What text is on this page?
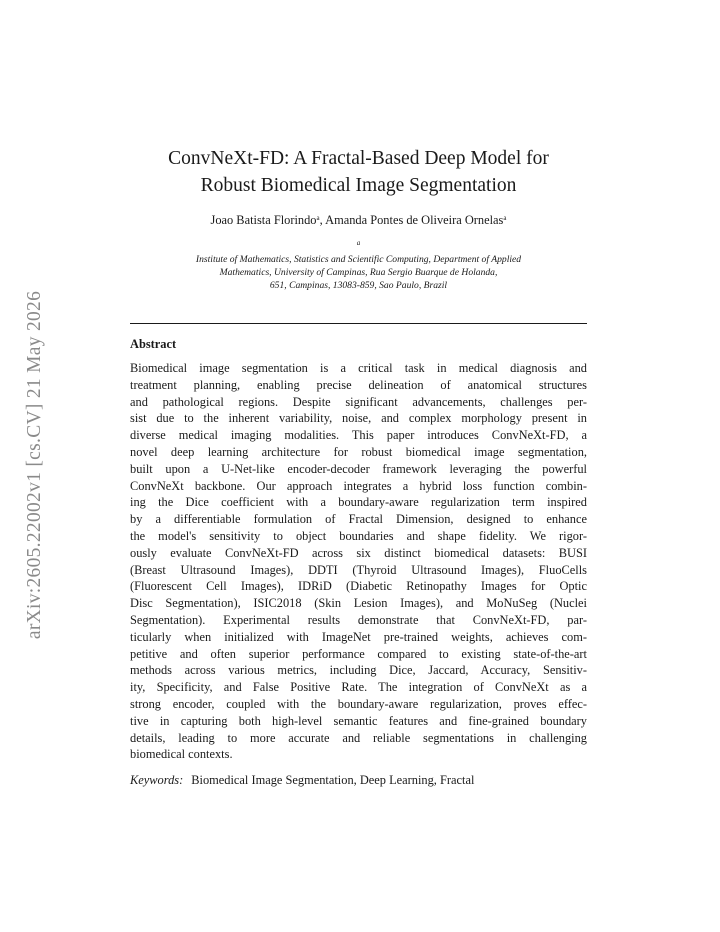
arXiv:2605.22002v1 [cs.CV] 21 May 2026
ConvNeXt-FD: A Fractal-Based Deep Model for
Robust Biomedical Image Segmentation
Joao Batista Florindo$^a$, Amanda Pontes de Oliveira Ornelas$^a$
$^a$
Institute of Mathematics, Statistics and Scientific Computing, Department of Applied
Mathematics, University of Campinas, Rua Sergio Buarque de Holanda,
651, Campinas, 13083-859, Sao Paulo, Brazil
Abstract
Biomedical image segmentation is a critical task in medical diagnosis and
treatment planning, enabling precise delineation of anatomical structures
and pathological regions. Despite significant advancements, challenges per-
sist due to the inherent variability, noise, and complex morphology present in
diverse medical imaging modalities. This paper introduces ConvNeXt-FD, a
novel deep learning architecture for robust biomedical image segmentation,
built upon a U-Net-like encoder-decoder framework leveraging the powerful
ConvNeXt backbone. Our approach integrates a hybrid loss function combin-
ing the Dice coefficient with a boundary-aware regularization term inspired
by a differentiable formulation of Fractal Dimension, designed to enhance
the model's sensitivity to object boundaries and shape fidelity. We rigor-
ously evaluate ConvNeXt-FD across six distinct biomedical datasets: BUSI
(Breast Ultrasound Images), DDTI (Thyroid Ultrasound Images), FluoCells
(Fluorescent Cell Images), IDRiD (Diabetic Retinopathy Images for Optic
Disc Segmentation), ISIC2018 (Skin Lesion Images), and MoNuSeg (Nuclei
Segmentation). Experimental results demonstrate that ConvNeXt-FD, par-
ticularly when initialized with ImageNet pre-trained weights, achieves com-
petitive and often superior performance compared to existing state-of-the-art
methods across various metrics, including Dice, Jaccard, Accuracy, Sensitiv-
ity, Specificity, and False Positive Rate. The integration of ConvNeXt as a
strong encoder, coupled with the boundary-aware regularization, proves effec-
tive in capturing both high-level semantic features and fine-grained boundary
details, leading to more accurate and reliable segmentations in challenging
biomedical contexts.
Keywords: Biomedical Image Segmentation, Deep Learning, Fractal
